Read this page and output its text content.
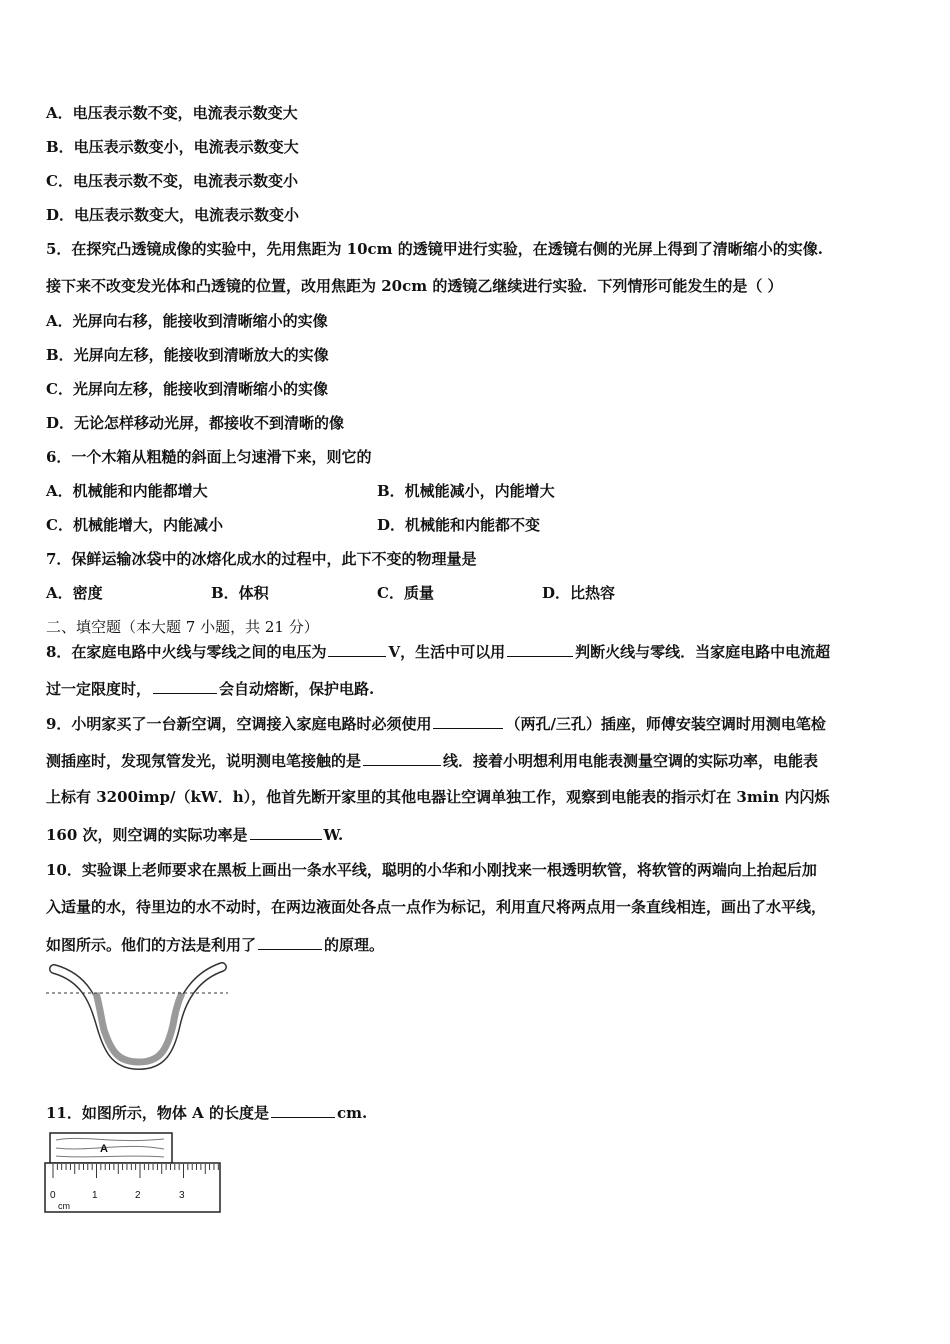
A．电压表示数不变，电流表示数变大
B．电压表示数变小，电流表示数变大
C．电压表示数不变，电流表示数变小
D．电压表示数变大，电流表示数变小
5．在探究凸透镜成像的实验中，先用焦距为 10cm 的透镜甲进行实验，在透镜右侧的光屏上得到了清晰缩小的实像.
接下来不改变发光体和凸透镜的位置，改用焦距为 20cm 的透镜乙继续进行实验．下列情形可能发生的是（ ）
A．光屏向右移，能接收到清晰缩小的实像
B．光屏向左移，能接收到清晰放大的实像
C．光屏向左移，能接收到清晰缩小的实像
D．无论怎样移动光屏，都接收不到清晰的像
6．一个木箱从粗糙的斜面上匀速滑下来，则它的
A．机械能和内能都增大	B．机械能减小，内能增大
C．机械能增大，内能减小	D．机械能和内能都不变
7．保鲜运输冰袋中的冰熔化成水的过程中，此下不变的物理量是
A．密度	B．体积	C．质量	D．比热容
二、填空题（本大题 7 小题，共 21 分）
8．在家庭电路中火线与零线之间的电压为	V，生活中可以用	判断火线与零线．当家庭电路中电流超
过一定限度时，	会自动熔断，保护电路.
9．小明家买了一台新空调，空调接入家庭电路时必须使用	（两孔/三孔）插座，师傅安装空调时用测电笔检
测插座时，发现氖管发光，说明测电笔接触的是	线．接着小明想利用电能表测量空调的实际功率，电能表
上标有 3200imp/（kW．h），他首先断开家里的其他电器让空调单独工作，观察到电能表的指示灯在 3min 内闪烁
160 次，则空调的实际功率是	W.
10．实验课上老师要求在黑板上画出一条水平线，聪明的小华和小刚找来一根透明软管，将软管的两端向上抬起后加
入适量的水，待里边的水不动时，在两边液面处各点一点作为标记，利用直尺将两点用一条直线相连，画出了水平线，
如图所示。他们的方法是利用了	的原理。
11．如图所示，物体 A 的长度是	cm.
A
0	1	2	3
cm
